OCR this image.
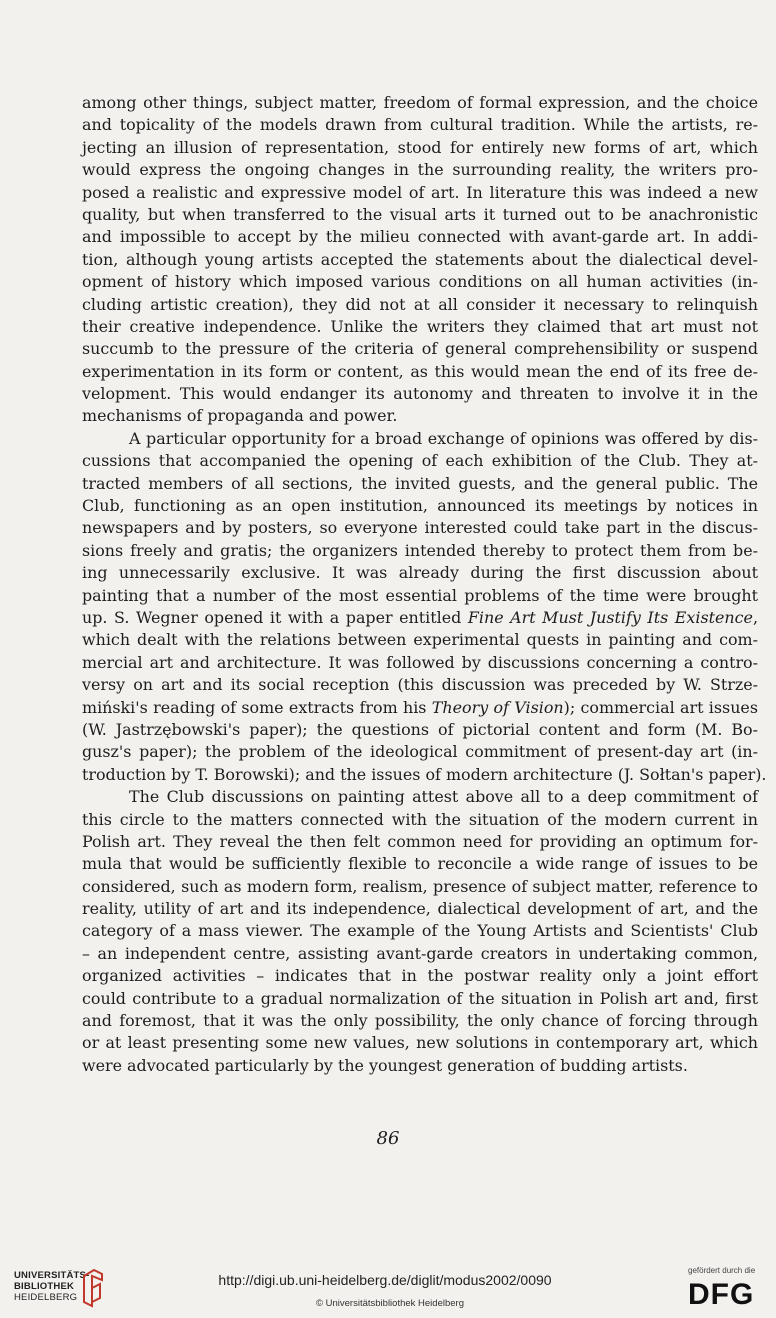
among other things, subject matter, freedom of formal expression, and the choice
and topicality of the models drawn from cultural tradition. While the artists, re-
jecting an illusion of representation, stood for entirely new forms of art, which
would express the ongoing changes in the surrounding reality, the writers pro-
posed a realistic and expressive model of art. In literature this was indeed a new
quality, but when transferred to the visual arts it turned out to be anachronistic
and impossible to accept by the milieu connected with avant-garde art. In addi-
tion, although young artists accepted the statements about the dialectical devel-
opment of history which imposed various conditions on all human activities (in-
cluding artistic creation), they did not at all consider it necessary to relinquish
their creative independence. Unlike the writers they claimed that art must not
succumb to the pressure of the criteria of general comprehensibility or suspend
experimentation in its form or content, as this would mean the end of its free de-
velopment. This would endanger its autonomy and threaten to involve it in the
mechanisms of propaganda and power.
A particular opportunity for a broad exchange of opinions was offered by dis-
cussions that accompanied the opening of each exhibition of the Club. They at-
tracted members of all sections, the invited guests, and the general public. The
Club, functioning as an open institution, announced its meetings by notices in
newspapers and by posters, so everyone interested could take part in the discus-
sions freely and gratis; the organizers intended thereby to protect them from be-
ing unnecessarily exclusive. It was already during the first discussion about
painting that a number of the most essential problems of the time were brought
up. S. Wegner opened it with a paper entitled Fine Art Must Justify Its Existence,
which dealt with the relations between experimental quests in painting and com-
mercial art and architecture. It was followed by discussions concerning a contro-
versy on art and its social reception (this discussion was preceded by W. Strze-
miński's reading of some extracts from his Theory of Vision); commercial art issues
(W. Jastrzębowski's paper); the questions of pictorial content and form (M. Bo-
gusz's paper); the problem of the ideological commitment of present-day art (in-
troduction by T. Borowski); and the issues of modern architecture (J. Sołtan's paper).
The Club discussions on painting attest above all to a deep commitment of
this circle to the matters connected with the situation of the modern current in
Polish art. They reveal the then felt common need for providing an optimum for-
mula that would be sufficiently flexible to reconcile a wide range of issues to be
considered, such as modern form, realism, presence of subject matter, reference to
reality, utility of art and its independence, dialectical development of art, and the
category of a mass viewer. The example of the Young Artists and Scientists' Club
– an independent centre, assisting avant-garde creators in undertaking common,
organized activities – indicates that in the postwar reality only a joint effort
could contribute to a gradual normalization of the situation in Polish art and, first
and foremost, that it was the only possibility, the only chance of forcing through
or at least presenting some new values, new solutions in contemporary art, which
were advocated particularly by the youngest generation of budding artists.
86
UNIVERSITÄTS-
BIBLIOTHEK
HEIDELBERG
http://digi.ub.uni-heidelberg.de/diglit/modus2002/0090
© Universitätsbibliothek Heidelberg
gefördert durch die
DFG
